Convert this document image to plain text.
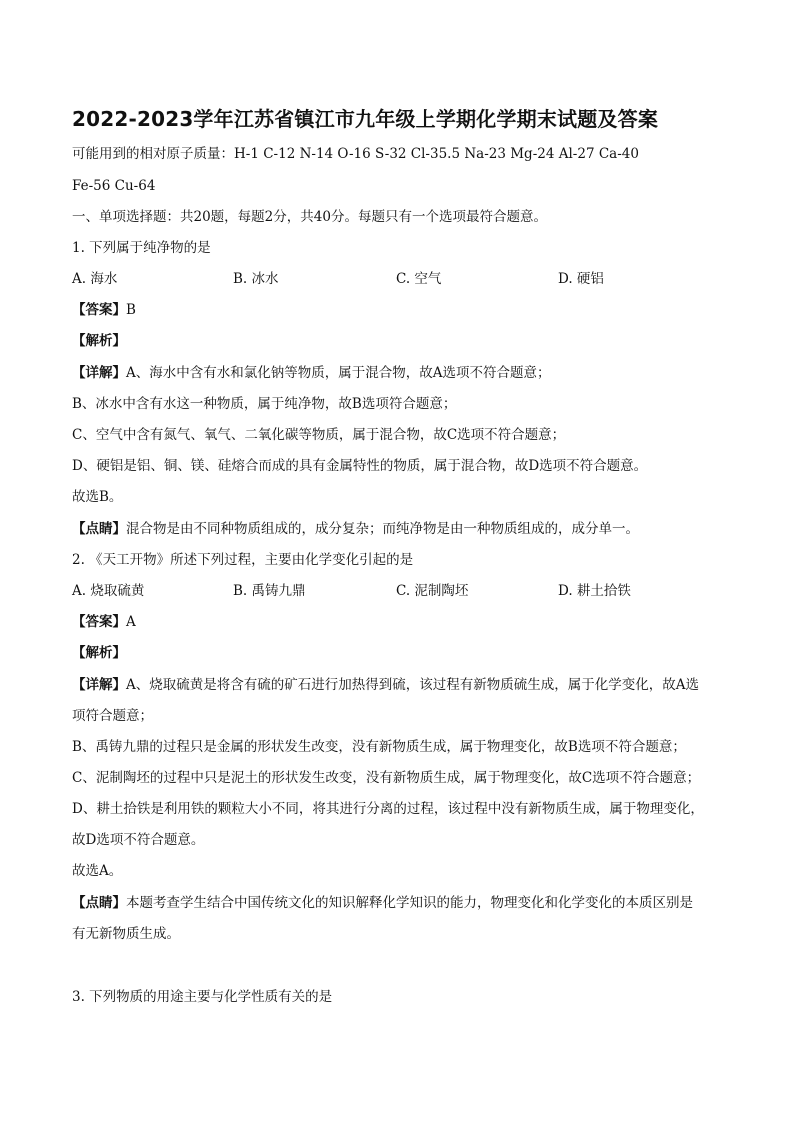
2022-2023学年江苏省镇江市九年级上学期化学期末试题及答案
可能用到的相对原子质量：H-1 C-12 N-14 O-16 S-32 Cl-35.5 Na-23 Mg-24 Al-27 Ca-40
Fe-56 Cu-64
一、单项选择题：共20题，每题2分，共40分。每题只有一个选项最符合题意。
1. 下列属于纯净物的是
A. 海水	B. 冰水	C. 空气	D. 硬铝
【答案】B
【解析】
【详解】A、海水中含有水和氯化钠等物质，属于混合物，故A选项不符合题意；
B、冰水中含有水这一种物质，属于纯净物，故B选项符合题意；
C、空气中含有氮气、氧气、二氧化碳等物质，属于混合物，故C选项不符合题意；
D、硬铝是铝、铜、镁、硅熔合而成的具有金属特性的物质，属于混合物，故D选项不符合题意。
故选B。
【点睛】混合物是由不同种物质组成的，成分复杂；而纯净物是由一种物质组成的，成分单一。
2. 《天工开物》所述下列过程，主要由化学变化引起的是
A. 烧取硫黄	B. 禹铸九鼎	C. 泥制陶坯	D. 耕土拾铁
【答案】A
【解析】
【详解】A、烧取硫黄是将含有硫的矿石进行加热得到硫，该过程有新物质硫生成，属于化学变化，故A选
项符合题意；
B、禹铸九鼎的过程只是金属的形状发生改变，没有新物质生成，属于物理变化，故B选项不符合题意；
C、泥制陶坯的过程中只是泥土的形状发生改变，没有新物质生成，属于物理变化，故C选项不符合题意；
D、耕土拾铁是利用铁的颗粒大小不同，将其进行分离的过程，该过程中没有新物质生成，属于物理变化，
故D选项不符合题意。
故选A。
【点睛】本题考查学生结合中国传统文化的知识解释化学知识的能力，物理变化和化学变化的本质区别是
有无新物质生成。
3. 下列物质的用途主要与化学性质有关的是
